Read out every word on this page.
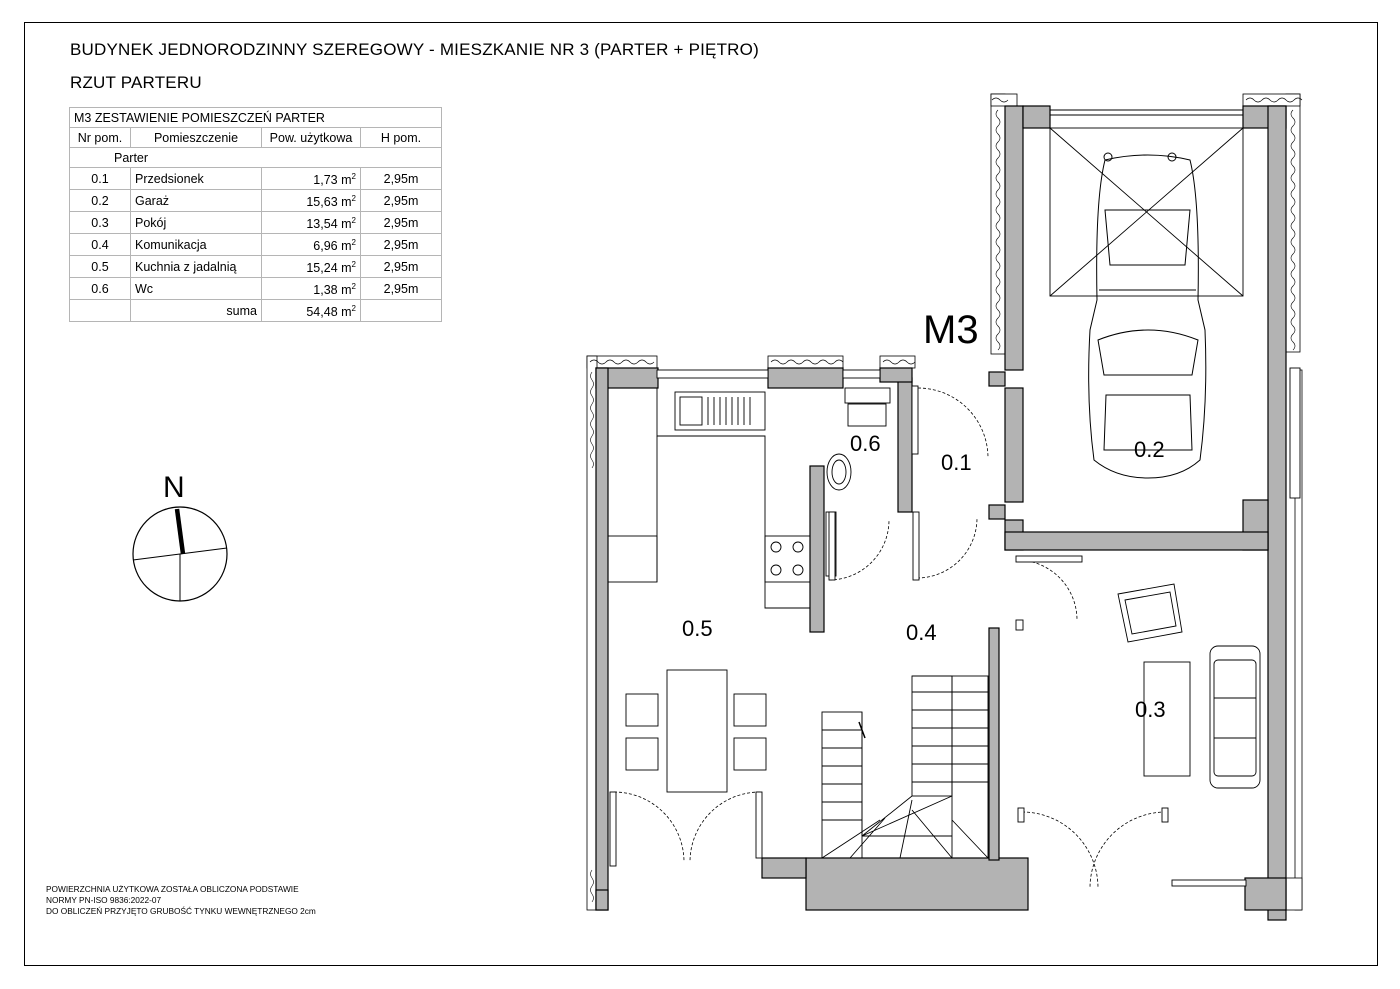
BUDYNEK JEDNORODZINNY SZEREGOWY - MIESZKANIE NR 3 (PARTER + PIĘTRO)
RZUT PARTERU
M3 ZESTAWIENIE POMIESZCZEŃ PARTER			
Nr pom.	Pomieszczenie	Pow. użytkowa	H pom.
Parter			
0.1	Przedsionek	1,73 $m^2$	2,95m
0.2	Garaż	15,63 $m^2$	2,95m
0.3	Pokój	13,54 $m^2$	2,95m
0.4	Komunikacja	6,96 $m^2$	2,95m
0.5	Kuchnia z jadalnią	15,24 $m^2$	2,95m
0.6	Wc	1,38 $m^2$	2,95m
	suma	54,48 $m^2$	
0.6
0.1
0.2
0.5	0.4
0.3
M3
N
POWIERZCHNIA UŻYTKOWA ZOSTAŁA OBLICZONA PODSTAWIE
NORMY PN-ISO 9836:2022-07
DO OBLICZEŃ PRZYJĘTO GRUBOŚĆ TYNKU WEWNĘTRZNEGO 2cm
